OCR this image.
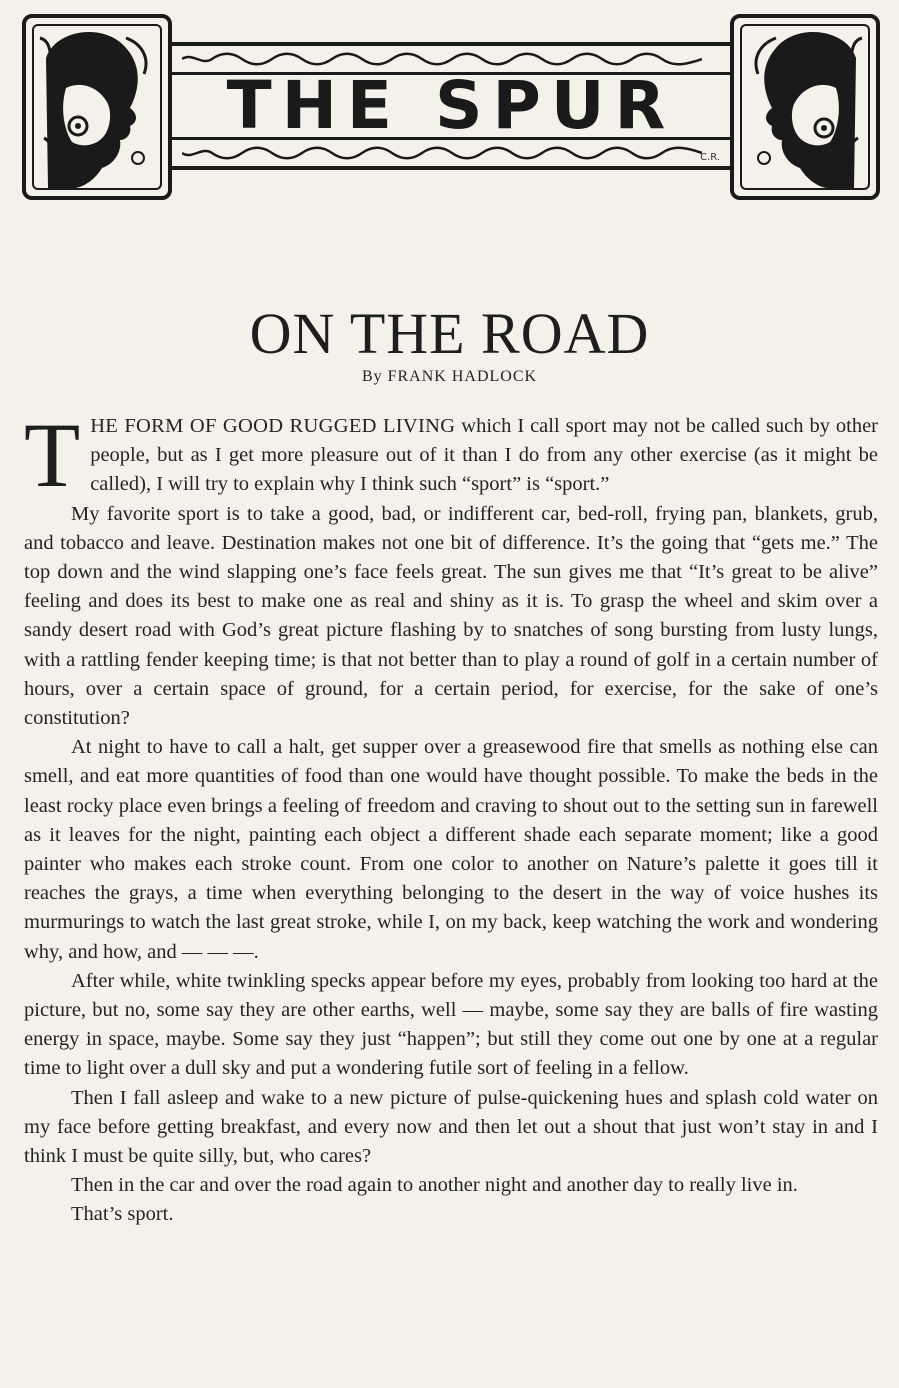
THE SPUR
C.R.
ON THE ROAD
By FRANK HADLOCK

THE FORM OF GOOD RUGGED LIVING which I call sport may not be called such by other people, but as I get more pleasure out of it than I do from any other exercise (as it might be called), I will try to explain why I think such “sport” is “sport.”

My favorite sport is to take a good, bad, or indifferent car, bed-roll, frying pan, blankets, grub, and tobacco and leave. Destination makes not one bit of difference. It’s the going that “gets me.” The top down and the wind slapping one’s face feels great. The sun gives me that “It’s great to be alive” feeling and does its best to make one as real and shiny as it is. To grasp the wheel and skim over a sandy desert road with God’s great picture flashing by to snatches of song bursting from lusty lungs, with a rattling fender keeping time; is that not better than to play a round of golf in a certain number of hours, over a certain space of ground, for a certain period, for exercise, for the sake of one’s constitution?

At night to have to call a halt, get supper over a greasewood fire that smells as nothing else can smell, and eat more quantities of food than one would have thought possible. To make the beds in the least rocky place even brings a feeling of freedom and craving to shout out to the setting sun in farewell as it leaves for the night, painting each object a different shade each separate moment; like a good painter who makes each stroke count. From one color to another on Nature’s palette it goes till it reaches the grays, a time when everything belonging to the desert in the way of voice hushes its murmurings to watch the last great stroke, while I, on my back, keep watching the work and wondering why, and how, and — — —.

After while, white twinkling specks appear before my eyes, probably from looking too hard at the picture, but no, some say they are other earths, well — maybe, some say they are balls of fire wasting energy in space, maybe. Some say they just “happen”; but still they come out one by one at a regular time to light over a dull sky and put a wondering futile sort of feeling in a fellow.

Then I fall asleep and wake to a new picture of pulse-quickening hues and splash cold water on my face before getting breakfast, and every now and then let out a shout that just won’t stay in and I think I must be quite silly, but, who cares?

Then in the car and over the road again to another night and another day to really live in.

That’s sport.
